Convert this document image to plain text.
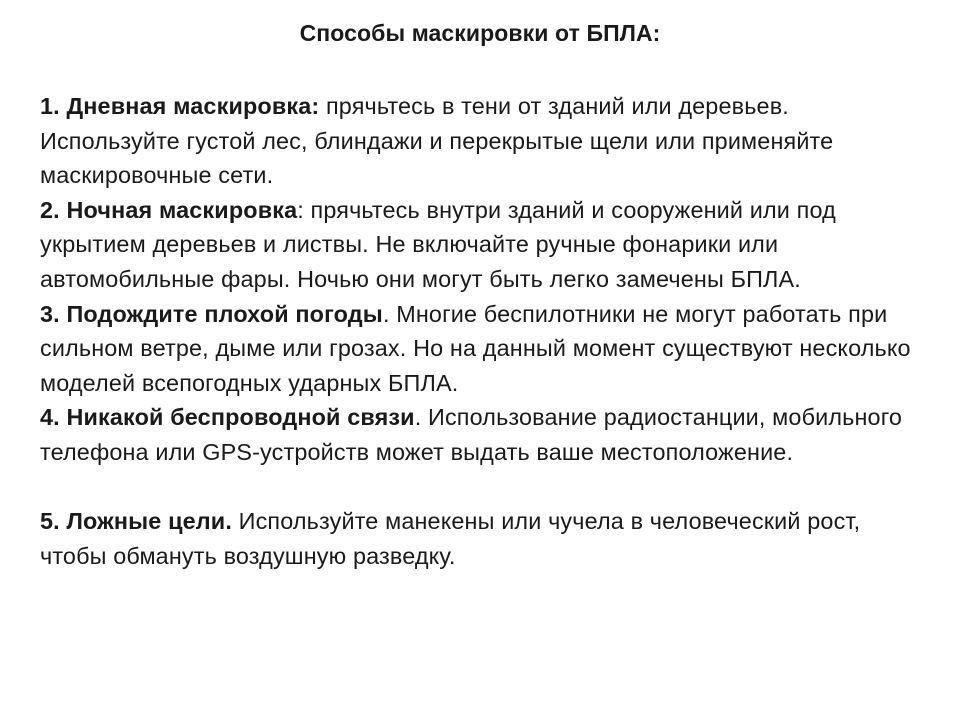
Способы маскировки от БПЛА:

1. Дневная маскировка: прячьтесь в тени от зданий или деревьев. Используйте густой лес, блиндажи и перекрытые щели или применяйте маскировочные сети.

2. Ночная маскировка: прячьтесь внутри зданий и сооружений или под укрытием деревьев и листвы. Не включайте ручные фонарики или автомобильные фары. Ночью они могут быть легко замечены БПЛА.

3. Подождите плохой погоды. Многие беспилотники не могут работать при сильном ветре, дыме или грозах. Но на данный момент существуют несколько моделей всепогодных ударных БПЛА.

4. Никакой беспроводной связи. Использование радиостанции, мобильного телефона или GPS-устройств может выдать ваше местоположение.

5. Ложные цели. Используйте манекены или чучела в человеческий рост, чтобы обмануть воздушную разведку.
